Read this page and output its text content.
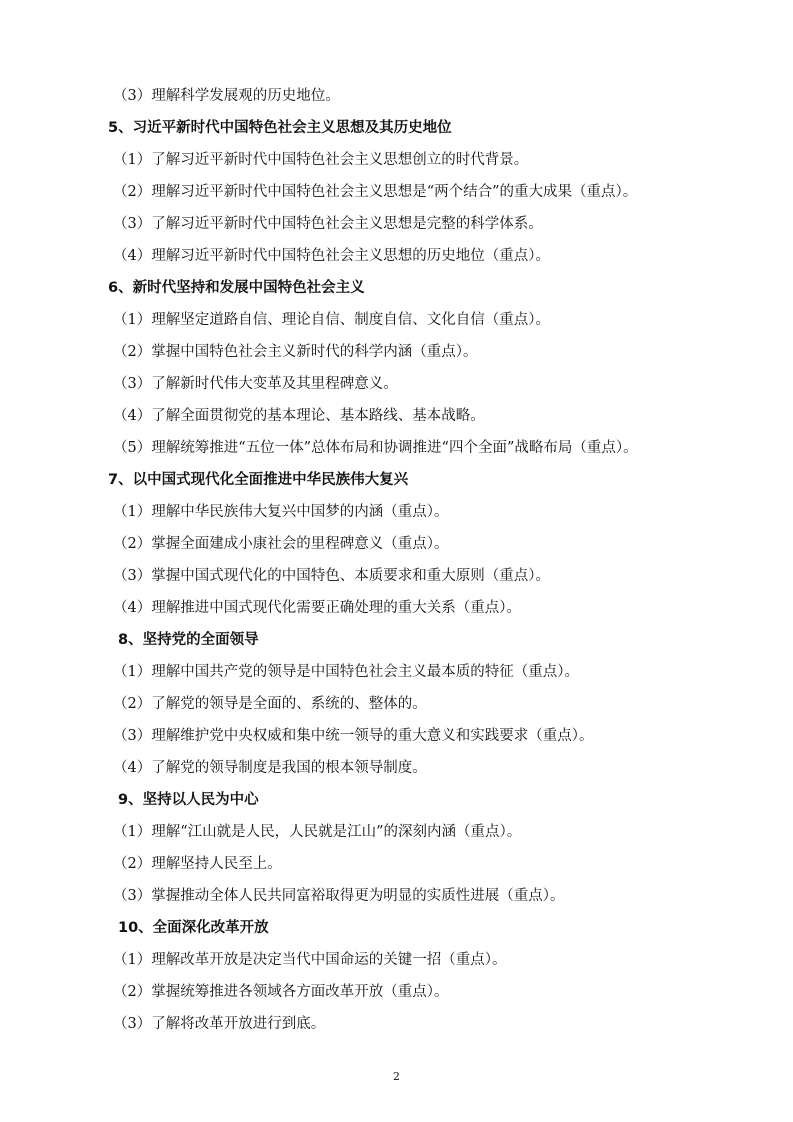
（3）理解科学发展观的历史地位。
5、习近平新时代中国特色社会主义思想及其历史地位
（1）了解习近平新时代中国特色社会主义思想创立的时代背景。
（2）理解习近平新时代中国特色社会主义思想是“两个结合”的重大成果（重点）。
（3）了解习近平新时代中国特色社会主义思想是完整的科学体系。
（4）理解习近平新时代中国特色社会主义思想的历史地位（重点）。
6、新时代坚持和发展中国特色社会主义
（1）理解坚定道路自信、理论自信、制度自信、文化自信（重点）。
（2）掌握中国特色社会主义新时代的科学内涵（重点）。
（3）了解新时代伟大变革及其里程碑意义。
（4）了解全面贯彻党的基本理论、基本路线、基本战略。
（5）理解统筹推进“五位一体”总体布局和协调推进“四个全面”战略布局（重点）。
7、以中国式现代化全面推进中华民族伟大复兴
（1）理解中华民族伟大复兴中国梦的内涵（重点）。
（2）掌握全面建成小康社会的里程碑意义（重点）。
（3）掌握中国式现代化的中国特色、本质要求和重大原则（重点）。
（4）理解推进中国式现代化需要正确处理的重大关系（重点）。
8、坚持党的全面领导
（1）理解中国共产党的领导是中国特色社会主义最本质的特征（重点）。
（2）了解党的领导是全面的、系统的、整体的。
（3）理解维护党中央权威和集中统一领导的重大意义和实践要求（重点）。
（4）了解党的领导制度是我国的根本领导制度。
9、坚持以人民为中心
（1）理解“江山就是人民，人民就是江山”的深刻内涵（重点）。
（2）理解坚持人民至上。
（3）掌握推动全体人民共同富裕取得更为明显的实质性进展（重点）。
10、全面深化改革开放
（1）理解改革开放是决定当代中国命运的关键一招（重点）。
（2）掌握统筹推进各领域各方面改革开放（重点）。
（3）了解将改革开放进行到底。
2
